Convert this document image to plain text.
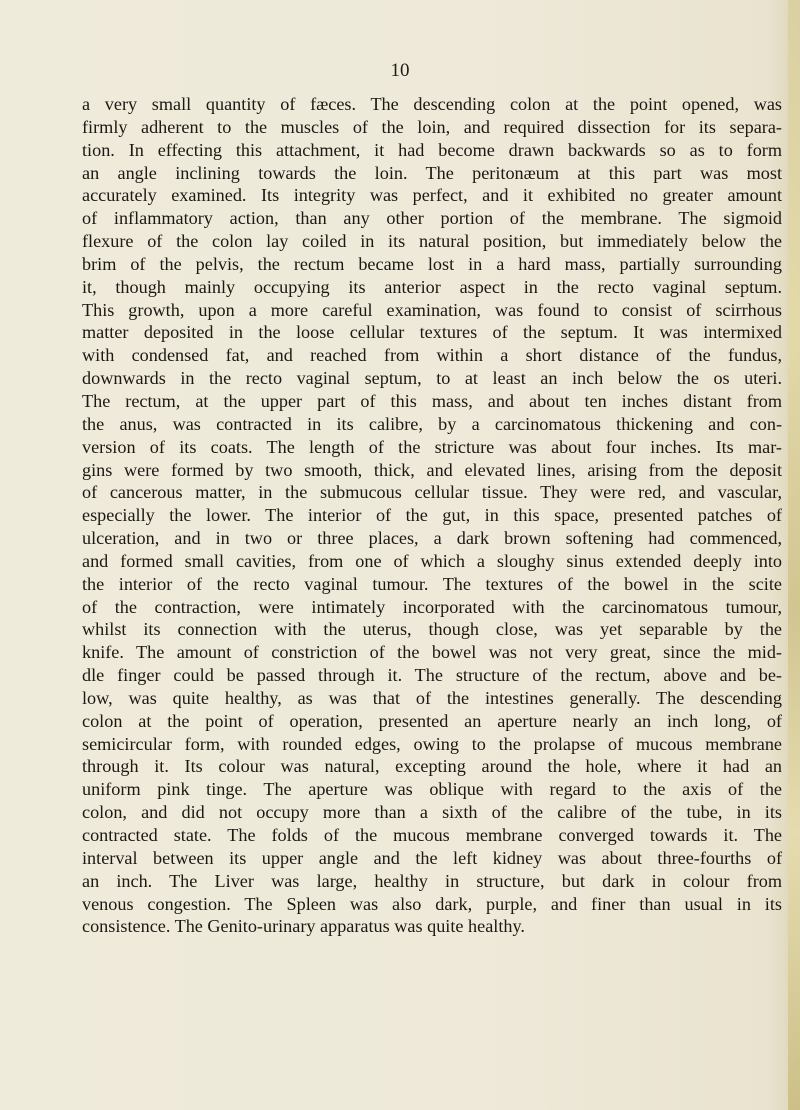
10
a very small quantity of fæces. The descending colon at the point opened, was
firmly adherent to the muscles of the loin, and required dissection for its separa-
tion. In effecting this attachment, it had become drawn backwards so as to form
an angle inclining towards the loin. The peritonæum at this part was most
accurately examined. Its integrity was perfect, and it exhibited no greater amount
of inflammatory action, than any other portion of the membrane. The sigmoid
flexure of the colon lay coiled in its natural position, but immediately below the
brim of the pelvis, the rectum became lost in a hard mass, partially surrounding
it, though mainly occupying its anterior aspect in the recto vaginal septum.
This growth, upon a more careful examination, was found to consist of scirrhous
matter deposited in the loose cellular textures of the septum. It was intermixed
with condensed fat, and reached from within a short distance of the fundus,
downwards in the recto vaginal septum, to at least an inch below the os uteri.
The rectum, at the upper part of this mass, and about ten inches distant from
the anus, was contracted in its calibre, by a carcinomatous thickening and con-
version of its coats. The length of the stricture was about four inches. Its mar-
gins were formed by two smooth, thick, and elevated lines, arising from the deposit
of cancerous matter, in the submucous cellular tissue. They were red, and vascular,
especially the lower. The interior of the gut, in this space, presented patches of
ulceration, and in two or three places, a dark brown softening had commenced,
and formed small cavities, from one of which a sloughy sinus extended deeply into
the interior of the recto vaginal tumour. The textures of the bowel in the scite
of the contraction, were intimately incorporated with the carcinomatous tumour,
whilst its connection with the uterus, though close, was yet separable by the
knife. The amount of constriction of the bowel was not very great, since the mid-
dle finger could be passed through it. The structure of the rectum, above and be-
low, was quite healthy, as was that of the intestines generally. The descending
colon at the point of operation, presented an aperture nearly an inch long, of
semicircular form, with rounded edges, owing to the prolapse of mucous membrane
through it. Its colour was natural, excepting around the hole, where it had an
uniform pink tinge. The aperture was oblique with regard to the axis of the
colon, and did not occupy more than a sixth of the calibre of the tube, in its
contracted state. The folds of the mucous membrane converged towards it. The
interval between its upper angle and the left kidney was about three-fourths of
an inch. The Liver was large, healthy in structure, but dark in colour from
venous congestion. The Spleen was also dark, purple, and finer than usual in its
consistence. The Genito-urinary apparatus was quite healthy.
